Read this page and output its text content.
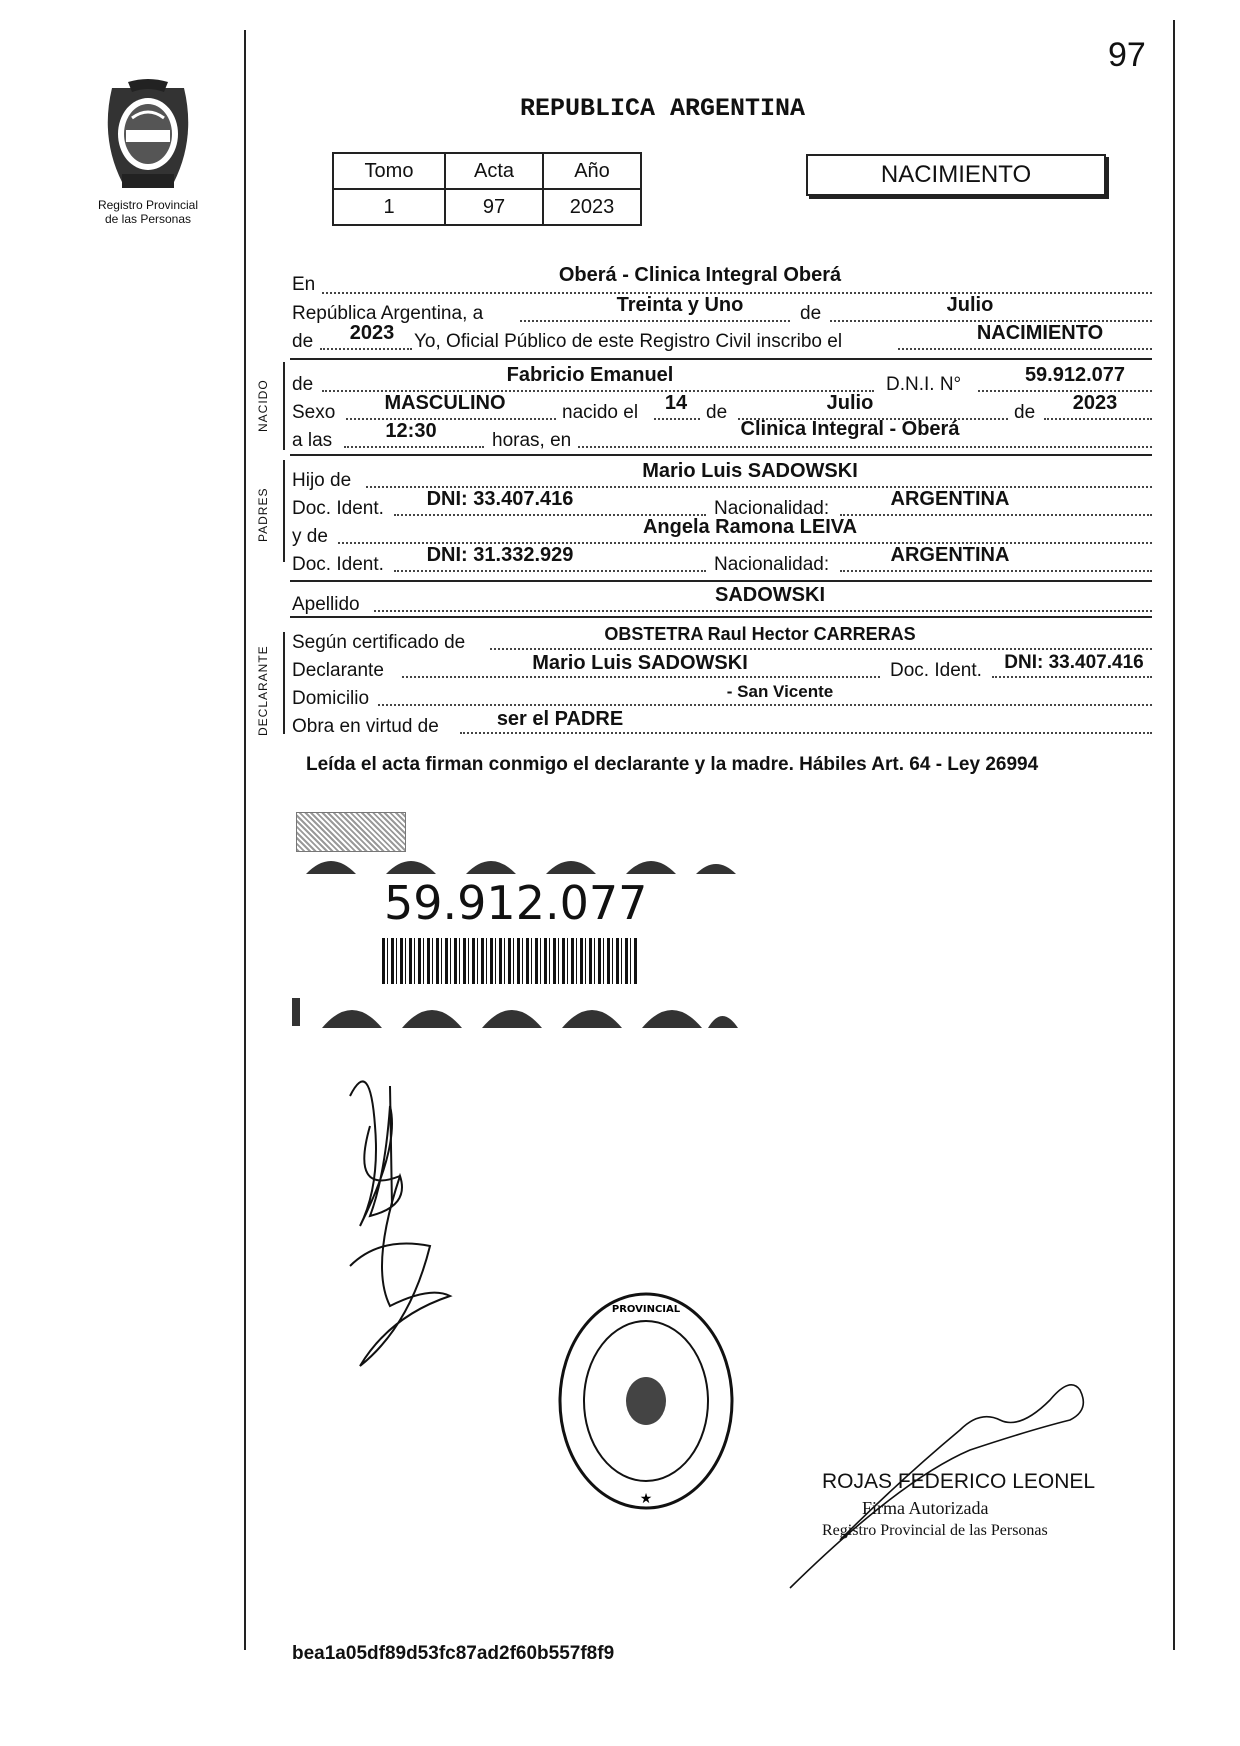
97
Registro Provincial
de las Personas
REPUBLICA ARGENTINA
Tomo	Acta	Año
1	97	2023
NACIMIENTO
En	Oberá - Clinica Integral Oberá
República Argentina, a	Treinta y Uno	de	Julio
de	2023	Yo, Oficial Público de este Registro Civil inscribo el	NACIMIENTO
NACIDO de	Fabricio Emanuel	D.N.I. N°	59.912.077
Sexo	MASCULINO	nacido el	14 de	Julio	de	2023
a las	12:30	horas, en
Clinica Integral - Oberá
PADRES
Hijo de	Mario Luis SADOWSKI
Doc. Ident.	DNI: 33.407.416	Nacionalidad:	ARGENTINA
y de	Angela Ramona LEIVA
Doc. Ident.	DNI: 31.332.929	Nacionalidad:	ARGENTINA
Apellido	SADOWSKI
DECLARANTE
Según certificado de	OBSTETRA Raul Hector CARRERAS
Declarante	Mario Luis SADOWSKI	Doc. Ident.	DNI: 33.407.416
Domicilio	- San Vicente
Obra en virtud de	ser el PADRE
Leída el acta firman conmigo el declarante y la madre. Hábiles Art. 64 - Ley 26994
59.912.077
PROVINCIAL
★
ROJAS FEDERICO LEONEL
Firma Autorizada
Registro Provincial de las Personas
bea1a05df89d53fc87ad2f60b557f8f9
